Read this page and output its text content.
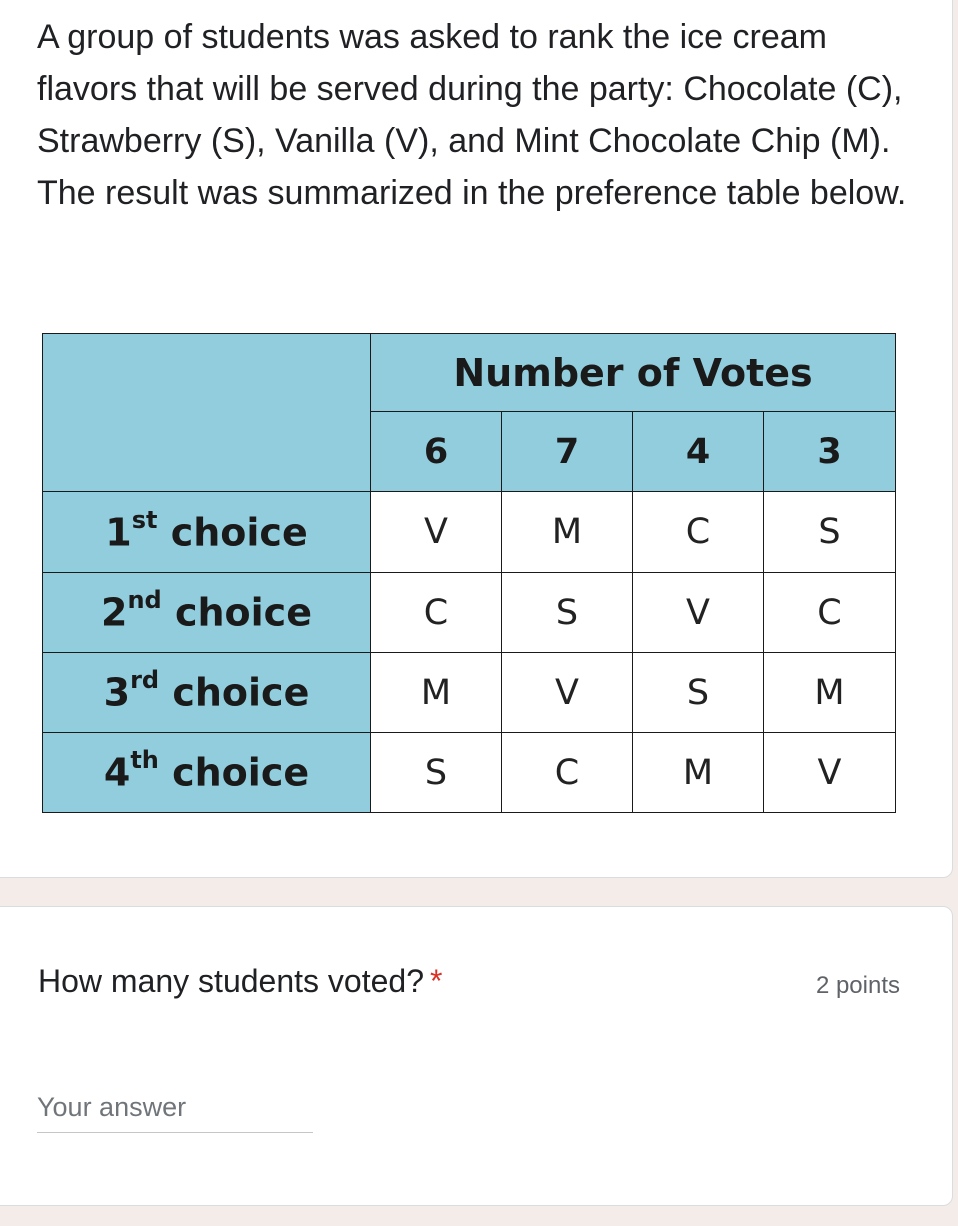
A group of students was asked to rank the ice cream flavors that will be served during the party: Chocolate (C), Strawberry (S), Vanilla (V), and Mint Chocolate Chip (M). The result was summarized in the preference table below.

	Number of Votes			
	6	7	4	3
1st choice	V	M	C	S
2nd choice	C	S	V	C
3rd choice	M	V	S	M
4th choice	S	C	M	V
How many students voted? *	2 points
Your answer
